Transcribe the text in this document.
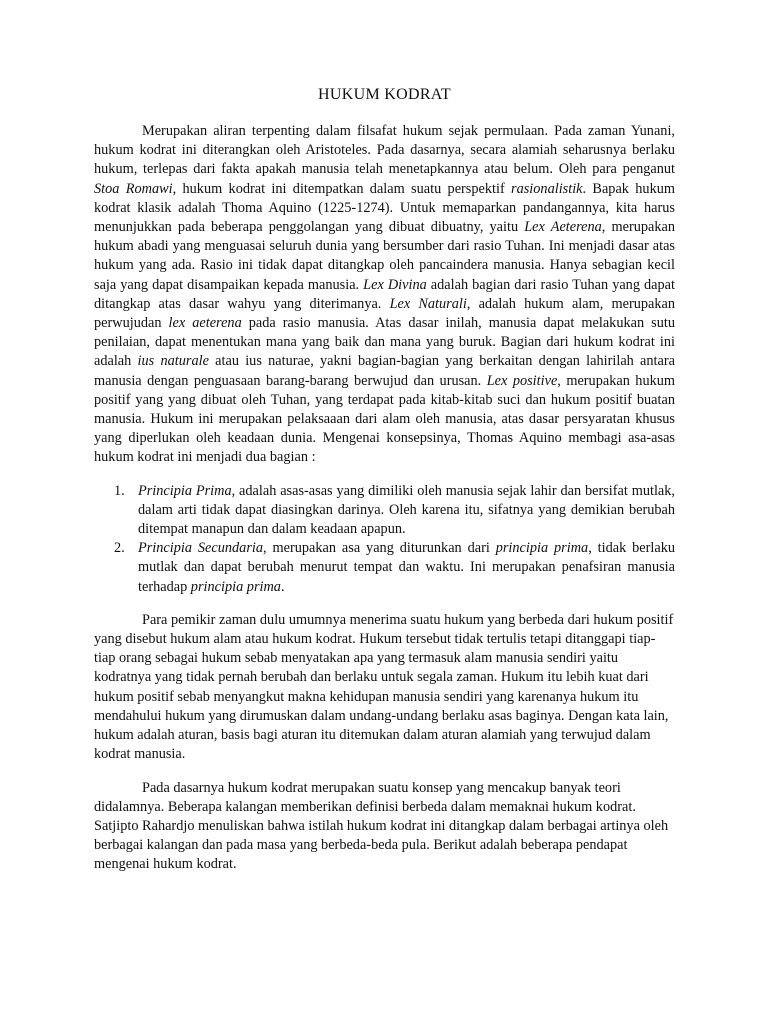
HUKUM KODRAT

Merupakan aliran terpenting dalam filsafat hukum sejak permulaan. Pada zaman Yunani, hukum kodrat ini diterangkan oleh Aristoteles. Pada dasarnya, secara alamiah seharusnya berlaku hukum, terlepas dari fakta apakah manusia telah menetapkannya atau belum. Oleh para penganut Stoa Romawi, hukum kodrat ini ditempatkan dalam suatu perspektif rasionalistik. Bapak hukum kodrat klasik adalah Thoma Aquino (1225-1274). Untuk memaparkan pandangannya, kita harus menunjukkan pada beberapa penggolangan yang dibuat dibuatny, yaitu Lex Aeterena, merupakan hukum abadi yang menguasai seluruh dunia yang bersumber dari rasio Tuhan. Ini menjadi dasar atas hukum yang ada. Rasio ini tidak dapat ditangkap oleh pancaindera manusia. Hanya sebagian kecil saja yang dapat disampaikan kepada manusia. Lex Divina adalah bagian dari rasio Tuhan yang dapat ditangkap atas dasar wahyu yang diterimanya. Lex Naturali, adalah hukum alam, merupakan perwujudan lex aeterena pada rasio manusia. Atas dasar inilah, manusia dapat melakukan sutu penilaian, dapat menentukan mana yang baik dan mana yang buruk. Bagian dari hukum kodrat ini adalah ius naturale atau ius naturae, yakni bagian-bagian yang berkaitan dengan lahirilah antara manusia dengan penguasaan barang-barang berwujud dan urusan. Lex positive, merupakan hukum positif yang yang dibuat oleh Tuhan, yang terdapat pada kitab-kitab suci dan hukum positif buatan manusia. Hukum ini merupakan pelaksaaan dari alam oleh manusia, atas dasar persyaratan khusus yang diperlukan oleh keadaan dunia. Mengenai konsepsinya, Thomas Aquino membagi asa-asas hukum kodrat ini menjadi dua bagian :

1. Principia Prima, adalah asas-asas yang dimiliki oleh manusia sejak lahir dan bersifat mutlak, dalam arti tidak dapat diasingkan darinya. Oleh karena itu, sifatnya yang demikian berubah ditempat manapun dan dalam keadaan apapun.
2. Principia Secundaria, merupakan asa yang diturunkan dari principia prima, tidak berlaku mutlak dan dapat berubah menurut tempat dan waktu. Ini merupakan penafsiran manusia terhadap principia prima.

Para pemikir zaman dulu umumnya menerima suatu hukum yang berbeda dari hukum positif yang disebut hukum alam atau hukum kodrat. Hukum tersebut tidak tertulis tetapi ditanggapi tiap-tiap orang sebagai hukum sebab menyatakan apa yang termasuk alam manusia sendiri yaitu kodratnya yang tidak pernah berubah dan berlaku untuk segala zaman. Hukum itu lebih kuat dari hukum positif sebab menyangkut makna kehidupan manusia sendiri yang karenanya hukum itu mendahului hukum yang dirumuskan dalam undang-undang berlaku asas baginya. Dengan kata lain, hukum adalah aturan, basis bagi aturan itu ditemukan dalam aturan alamiah yang terwujud dalam kodrat manusia.

Pada dasarnya hukum kodrat merupakan suatu konsep yang mencakup banyak teori didalamnya. Beberapa kalangan memberikan definisi berbeda dalam memaknai hukum kodrat. Satjipto Rahardjo menuliskan bahwa istilah hukum kodrat ini ditangkap dalam berbagai artinya oleh berbagai kalangan dan pada masa yang berbeda-beda pula. Berikut adalah beberapa pendapat mengenai hukum kodrat.
